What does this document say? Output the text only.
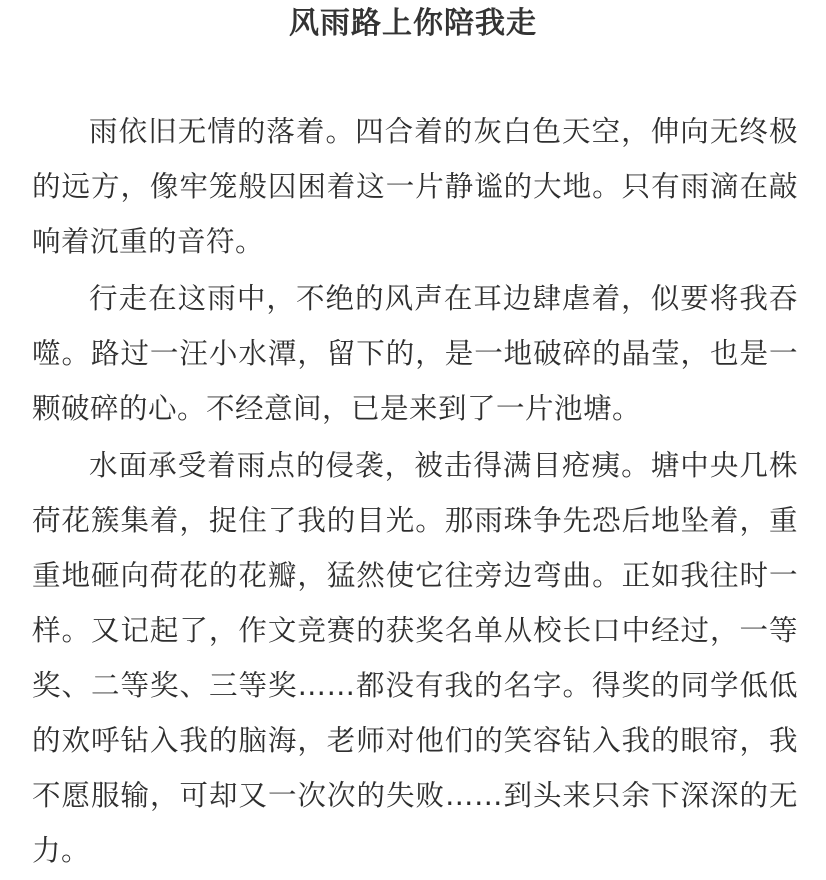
风雨路上你陪我走

雨依旧无情的落着。四合着的灰白色天空，伸向无终极的远方，像牢笼般囚困着这一片静谧的大地。只有雨滴在敲响着沉重的音符。

行走在这雨中，不绝的风声在耳边肆虐着，似要将我吞噬。路过一汪小水潭，留下的，是一地破碎的晶莹，也是一颗破碎的心。不经意间，已是来到了一片池塘。

水面承受着雨点的侵袭，被击得满目疮痍。塘中央几株荷花簇集着，捉住了我的目光。那雨珠争先恐后地坠着，重重地砸向荷花的花瓣，猛然使它往旁边弯曲。正如我往时一样。又记起了，作文竞赛的获奖名单从校长口中经过，一等奖、二等奖、三等奖……都没有我的名字。得奖的同学低低的欢呼钻入我的脑海，老师对他们的笑容钻入我的眼帘，我不愿服输，可却又一次次的失败……到头来只余下深深的无力。
